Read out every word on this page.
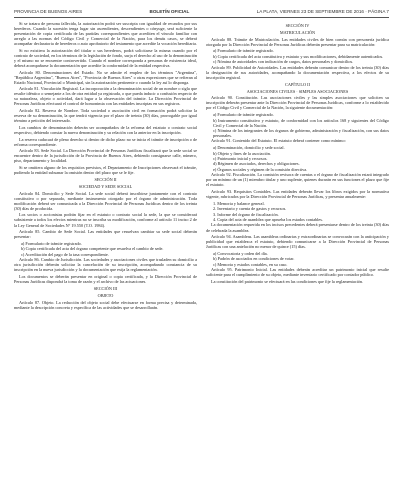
PROVINCIA DE BUENOS AIRES	BOLETÍN OFICIAL	LA PLATA, VIERNES 23 DE SEPTIEMBRE DE 2016 · PÁGINA 7

Si se tratara de persona fallecida, la autorización podrá ser suscripta con igualdad de recaudos por sus herederos. Cuando la sucesión tenga lugar sin ascendientes, descendientes o cónyuge, será suficiente la presentación de copia certificada de las partidas correspondientes que acrediten el vínculo familiar con arreglo a las normas del Código Civil y Comercial de la Nación, para los demás casos, se deberá acompañar declaratoria de herederos o auto aprobatorio del testamento que acredite la vocación hereditaria.

Si no existiera la autorización del titular o sus herederos, podrá solicitarse la misma cuando por el contrato de sociedad, en los términos de la legislación de fondo, surja el derecho al uso de la denominación y el mismo no se encuentre controvertido. Cuando el nombre corresponda a personas de existencia ideal, deberá acompañarse la documentación que acredite la conformidad de la entidad respectiva.

Artículo 80. Denominaciones del Estado. No se admite el empleo de los términos "Argentina", "República Argentina", "Buenos Aires", "Provincia de Buenos Aires" o otras expresiones que se refieran al Estado Nacional, Provincial o Municipal, sin la autorización pertinente o cuando la ley así lo disponga.

Artículo 81. Vinculación Registral. La incorporación a la denominación social de un nombre o sigla que resulte idéntico o semejante a los de otra entidad ya registrada, o que pueda inducir a confusión respecto de su naturaleza, objeto o actividad, dará lugar a la observación del trámite. La Dirección Provincial de Personas Jurídicas efectuará el control de homonimia con las entidades inscriptas en sus registros.

Artículo 82. Reserva de Nombre. Toda sociedad o asociación civil en formación podrá solicitar la reserva de su denominación, la que tendrá vigencia por el plazo de treinta (30) días, prorrogable por igual término a petición del interesado.

Los cambios de denominación deberán ser acompañados de la reforma del estatuto o contrato social respectivo, debiendo constar la nueva denominación y su relación con la anterior en la inscripción.

La reserva caducará de pleno derecho si dentro de dicho plazo no se inicia el trámite de inscripción o de reforma correspondiente.

Artículo 83. Sede Social. La Dirección Provincial de Personas Jurídicas fiscalizará que la sede social se encuentre dentro de la jurisdicción de la Provincia de Buenos Aires, debiendo consignarse calle, número, piso, departamento y localidad.

Si se omitiera alguno de los requisitos previstos, el Departamento de Inscripciones observará el trámite, pudiendo la entidad subsanar la omisión dentro del plazo que se le fije.

SECCIÓN II

SOCIEDAD Y SEDE SOCIAL

Artículo 84. Domicilio y Sede Social. La sede social deberá inscribirse juntamente con el contrato constitutivo o por separado, mediante instrumento otorgado por el órgano de administración. Toda modificación deberá ser comunicada a la Dirección Provincial de Personas Jurídicas dentro de los treinta (30) días de producida.

Los socios o accionistas podrán fijar en el estatuto o contrato social la sede, la que se considerará subsistente a todos los efectos mientras no se inscriba su modificación, conforme al artículo 11 inciso 2 de la Ley General de Sociedades N° 19.550 (T.O. 1984).

Artículo 85. Cambio de Sede Social. Las entidades que resuelvan cambiar su sede social deberán presentar:

a) Formulario de trámite registrado.

b) Copia certificada del acta del órgano competente que resuelva el cambio de sede.

c) Acreditación del pago de la tasa correspondiente.

Artículo 86. Cambio de Jurisdicción. Las sociedades y asociaciones civiles que trasladen su domicilio a otra jurisdicción deberán solicitar la cancelación de su inscripción, acompañando constancia de su inscripción en la nueva jurisdicción y la documentación que exija la reglamentación.

Los documentos se deberán presentar en original o copia certificada, y la Dirección Provincial de Personas Jurídicas dispondrá la toma de razón y el archivo de las actuaciones.

SECCIÓN III

OBJETO

Artículo 87. Objeto. La redacción del objeto social debe efectuarse en forma precisa y determinada, mediante la descripción concreta y específica de las actividades que se desarrollarán.

SECCIÓN IV

MATRICULACIÓN

Artículo 88. Trámite de Matriculación. Las entidades civiles de bien común con personería jurídica otorgada por la Dirección Provincial de Personas Jurídicas deberán presentar para su matriculación:

a) Formulario de trámite registrado.

b) Copia certificada del acta constitutiva y estatuto y sus modificaciones, debidamente autenticados.

c) Nómina de autoridades con indicación de cargos, datos personales y domicilios.

Artículo 89. Publicidad de Autoridades. Las entidades deberán comunicar dentro de los treinta (30) días la designación de sus autoridades, acompañando la documentación respectiva, a los efectos de su inscripción registral.

CAPÍTULO II

ASOCIACIONES CIVILES · SIMPLES ASOCIACIONES

Artículo 90. Constitución. Las asociaciones civiles y las simples asociaciones que soliciten su inscripción deberán presentar ante la Dirección Provincial de Personas Jurídicas, conforme a lo establecido por el Código Civil y Comercial de la Nación, la siguiente documentación:

a) Formulario de trámite registrado.

b) Instrumento constitutivo y estatuto, de conformidad con los artículos 168 y siguientes del Código Civil y Comercial de la Nación.

c) Nómina de los integrantes de los órganos de gobierno, administración y fiscalización, con sus datos personales.

Artículo 91. Contenido del Estatuto. El estatuto deberá contener como mínimo:

a) Denominación, domicilio y sede social.

b) Objeto y fines de la asociación.

c) Patrimonio inicial y recursos.

d) Régimen de asociados, derechos y obligaciones.

e) Órganos sociales y régimen de la comisión directiva.

Artículo 92. Fiscalización. La comisión revisora de cuentas o el órgano de fiscalización estará integrado por un mínimo de un (1) miembro titular y uno suplente, quienes durarán en sus funciones el plazo que fije el estatuto.

Artículo 93. Requisitos Contables. Las entidades deberán llevar los libros exigidos por la normativa vigente, rubricados por la Dirección Provincial de Personas Jurídicas, y presentar anualmente:

1. Memoria y balance general.

2. Inventario y cuenta de gastos y recursos.

3. Informe del órgano de fiscalización.

4. Copia del acta de asamblea que aprueba los estados contables.

La documentación requerida en los incisos precedentes deberá presentarse dentro de los treinta (30) días de celebrada la asamblea.

Artículo 94. Asambleas. Las asambleas ordinarias y extraordinarias se convocarán con la anticipación y publicidad que establezca el estatuto, debiendo comunicarse a la Dirección Provincial de Personas Jurídicas con una antelación no menor de quince (15) días.

a) Convocatoria y orden del día.

b) Padrón de asociados en condiciones de votar.

c) Memoria y estados contables, en su caso.

Artículo 95. Patrimonio Inicial. Las entidades deberán acreditar un patrimonio inicial que resulte suficiente para el cumplimiento de su objeto, mediante inventario certificado por contador público.

La constitución del patrimonio se efectuará en las condiciones que fije la reglamentación.
